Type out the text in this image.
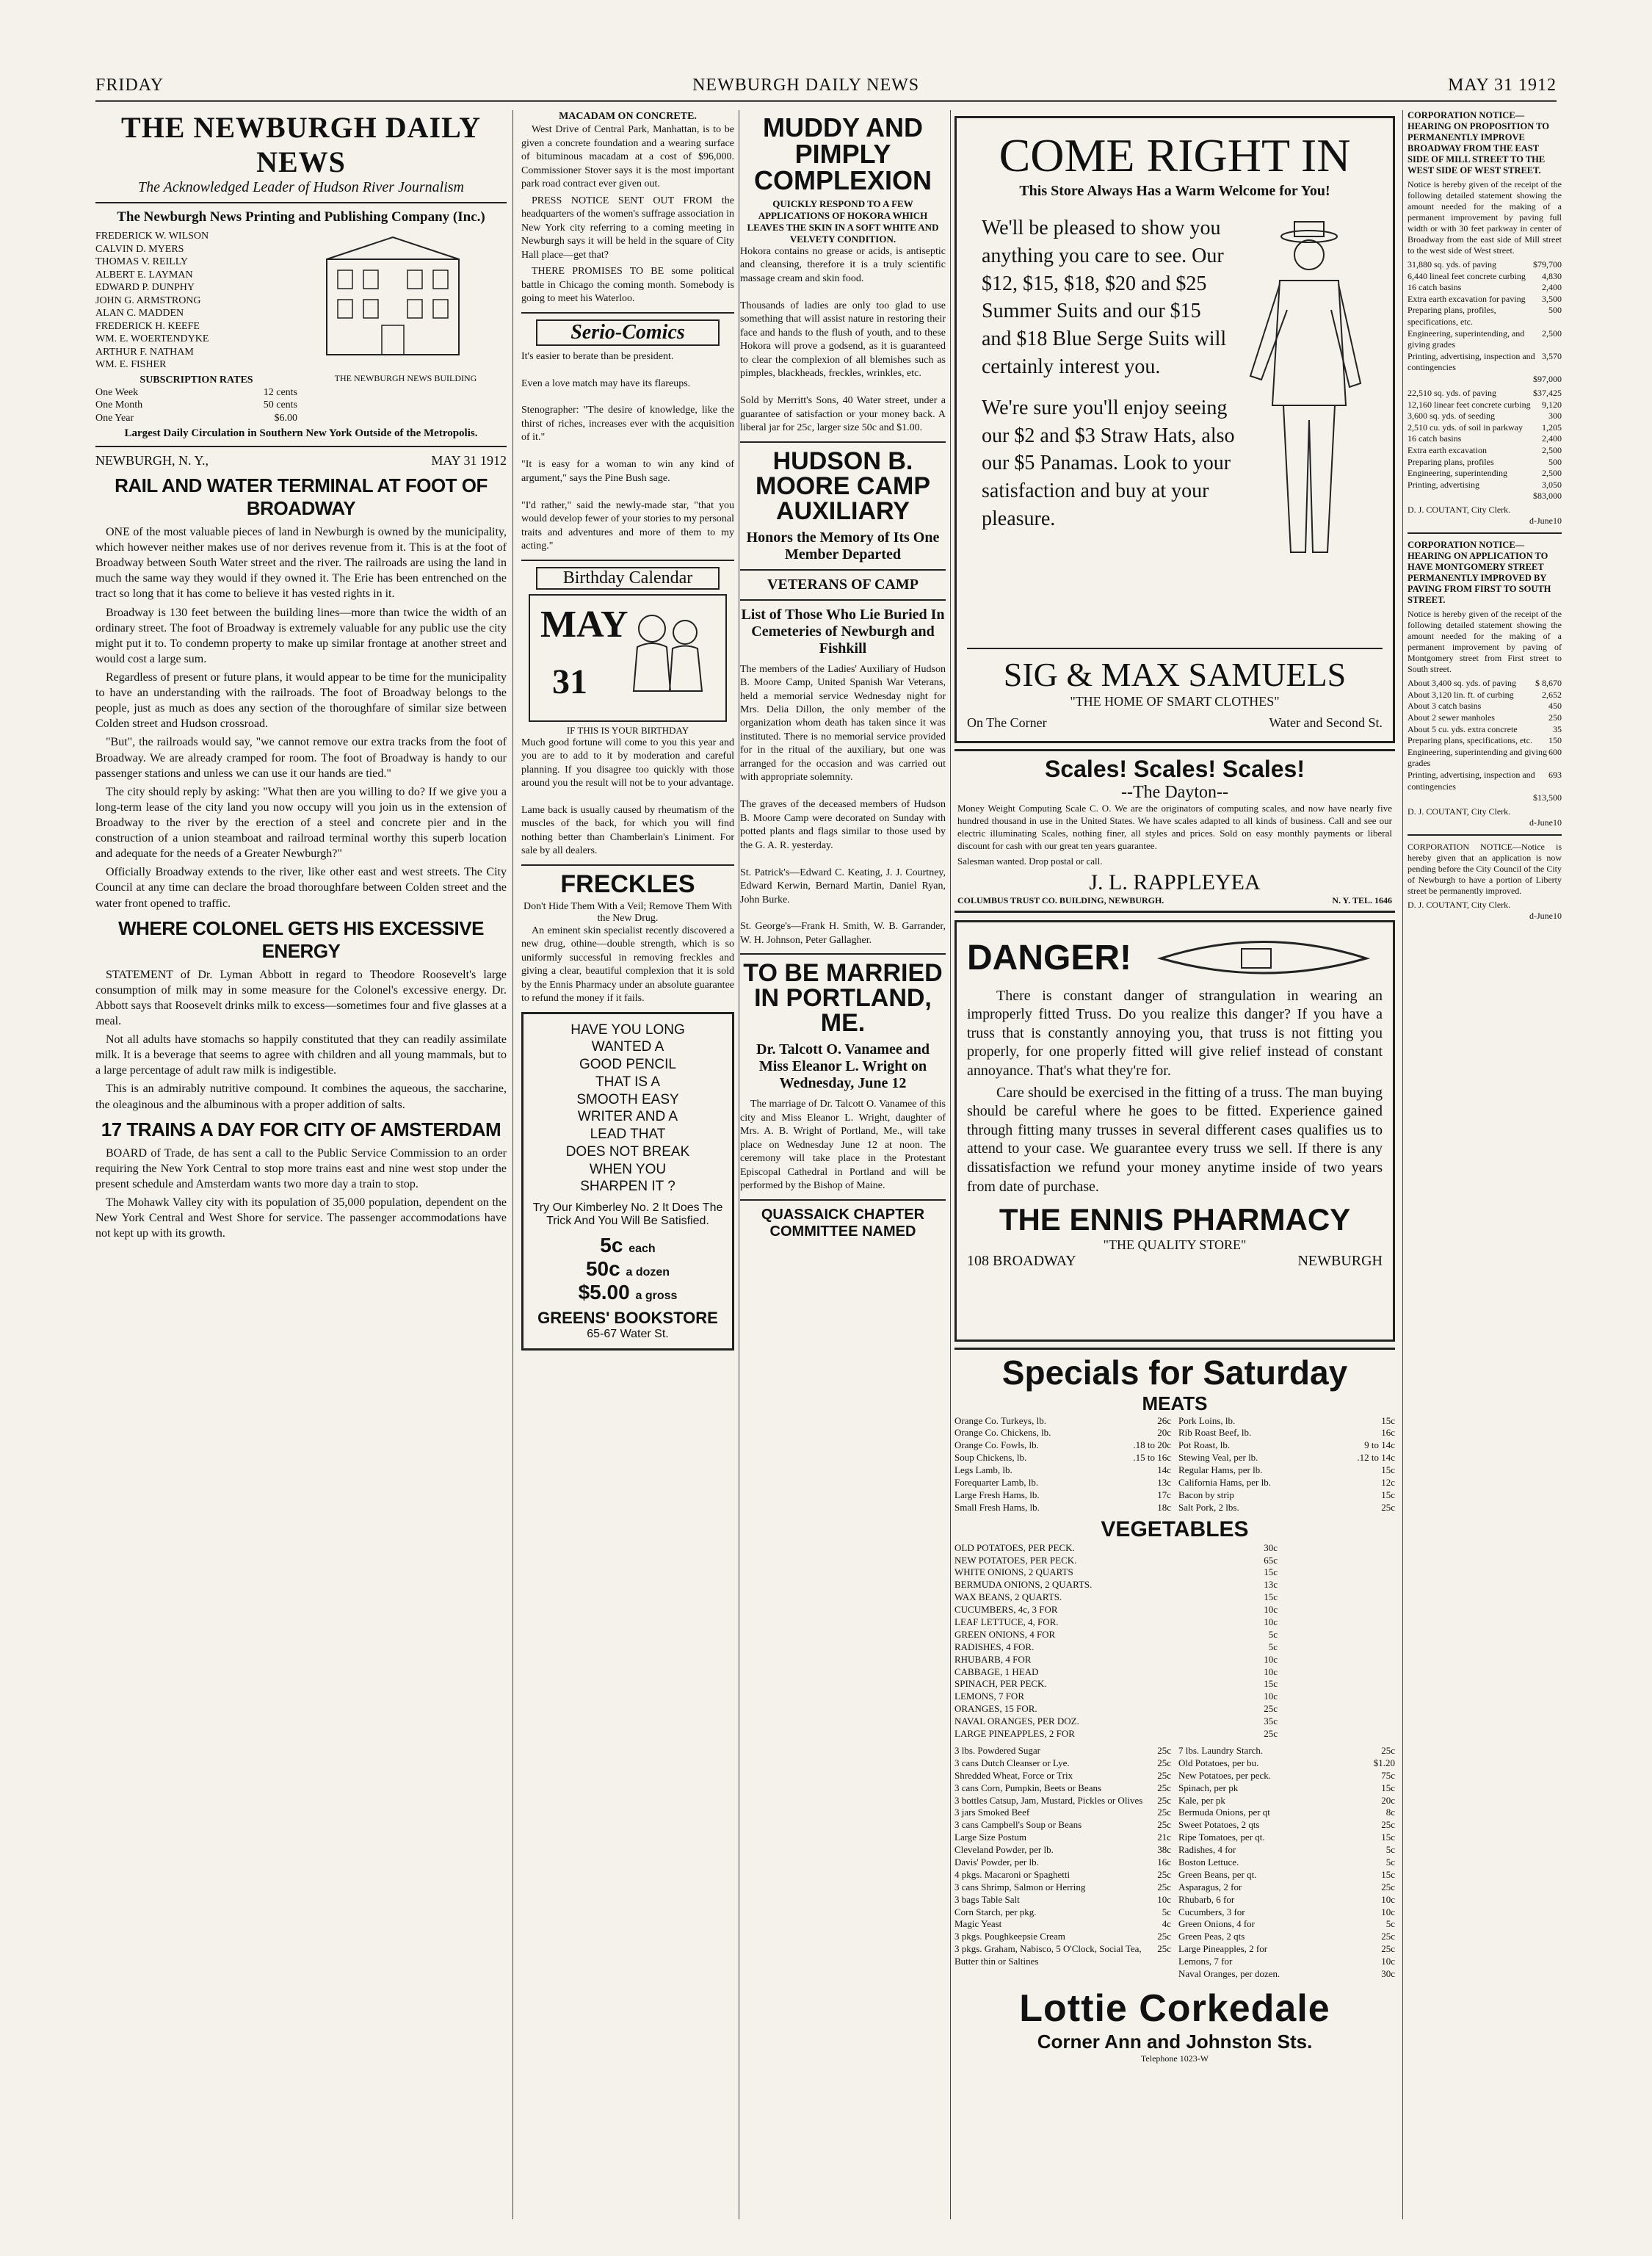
FRIDAY	NEWBURGH DAILY NEWS	MAY 31 1912
THE NEWBURGH DAILY NEWS
The Acknowledged Leader of Hudson River Journalism
The Newburgh News Printing and Publishing Company (Inc.)
FREDERICK W. WILSON
CALVIN D. MYERS
THOMAS V. REILLY
ALBERT E. LAYMAN
EDWARD P. DUNPHY
JOHN G. ARMSTRONG
ALAN C. MADDEN
FREDERICK H. KEEFE
WM. E. WOERTENDYKE
ARTHUR F. NATHAM
WM. E. FISHER
SUBSCRIPTION RATES
One Week	12 cents
One Month	50 cents
One Year	$6.00
THE NEWBURGH NEWS BUILDING
Largest Daily Circulation in Southern New York Outside of the Metropolis.
NEWBURGH, N. Y.,	MAY 31 1912
RAIL AND WATER TERMINAL AT FOOT OF BROADWAY

ONE of the most valuable pieces of land in Newburgh is owned by the municipality, which however neither makes use of nor derives revenue from it. This is at the foot of Broadway between South Water street and the river. The railroads are using the land in much the same way they would if they owned it. The Erie has been entrenched on the tract so long that it has come to believe it has vested rights in it.

Broadway is 130 feet between the building lines—more than twice the width of an ordinary street. The foot of Broadway is extremely valuable for any public use the city might put it to. To condemn property to make up similar frontage at another street and would cost a large sum.

Regardless of present or future plans, it would appear to be time for the municipality to have an understanding with the railroads. The foot of Broadway belongs to the people, just as much as does any section of the thoroughfare of similar size between Colden street and Hudson crossroad.

"But", the railroads would say, "we cannot remove our extra tracks from the foot of Broadway. We are already cramped for room. The foot of Broadway is handy to our passenger stations and unless we can use it our hands are tied."

The city should reply by asking: "What then are you willing to do? If we give you a long-term lease of the city land you now occupy will you join us in the extension of Broadway to the river by the erection of a steel and concrete pier and in the construction of a union steamboat and railroad terminal worthy this superb location and adequate for the needs of a Greater Newburgh?"

Officially Broadway extends to the river, like other east and west streets. The City Council at any time can declare the broad thoroughfare between Colden street and the water front opened to traffic.

WHERE COLONEL GETS HIS EXCESSIVE ENERGY

STATEMENT of Dr. Lyman Abbott in regard to Theodore Roosevelt's large consumption of milk may in some measure for the Colonel's excessive energy. Dr. Abbott says that Roosevelt drinks milk to excess—sometimes four and five glasses at a meal.

Not all adults have stomachs so happily constituted that they can readily assimilate milk. It is a beverage that seems to agree with children and all young mammals, but to a large percentage of adult raw milk is indigestible.

This is an admirably nutritive compound. It combines the aqueous, the saccharine, the oleaginous and the albuminous with a proper addition of salts.

17 TRAINS A DAY FOR CITY OF AMSTERDAM

BOARD of Trade, de has sent a call to the Public Service Commission to an order requiring the New York Central to stop more trains east and nine west stop under the present schedule and Amsterdam wants two more day a train to stop.

The Mohawk Valley city with its population of 35,000 population, dependent on the New York Central and West Shore for service. The passenger accommodations have not kept up with its growth.

MACADAM ON CONCRETE.

West Drive of Central Park, Manhattan, is to be given a concrete foundation and a wearing surface of bituminous macadam at a cost of $96,000. Commissioner Stover says it is the most important park road contract ever given out.

PRESS NOTICE SENT OUT FROM the headquarters of the women's suffrage association in New York city referring to a coming meeting in Newburgh says it will be held in the square of City Hall place—get that?

THERE PROMISES TO BE some political battle in Chicago the coming month. Somebody is going to meet his Waterloo.

Serio-Comics
It's easier to berate than be president.

Even a love match may have its flareups.

Stenographer: "The desire of knowledge, like the thirst of riches, increases ever with the acquisition of it."

"It is easy for a woman to win any kind of argument," says the Pine Bush sage.

"I'd rather," said the newly-made star, "that you would develop fewer of your stories to my personal traits and adventures and more of them to my acting."
Birthday Calendar
MAY
31
IF THIS IS YOUR BIRTHDAY
Much good fortune will come to you this year and you are to add to it by moderation and careful planning. If you disagree too quickly with those around you the result will not be to your advantage.

Lame back is usually caused by rheumatism of the muscles of the back, for which you will find nothing better than Chamberlain's Liniment. For sale by all dealers.
FRECKLES
Don't Hide Them With a Veil; Remove Them With the New Drug.

An eminent skin specialist recently discovered a new drug, othine—double strength, which is so uniformly successful in removing freckles and giving a clear, beautiful complexion that it is sold by the Ennis Pharmacy under an absolute guarantee to refund the money if it fails.

HAVE YOU LONG
WANTED A
GOOD PENCIL
THAT IS A
SMOOTH EASY
WRITER AND A
LEAD THAT
DOES NOT BREAK
WHEN YOU
SHARPEN IT ?
Try Our Kimberley No. 2 It Does The Trick And You Will Be Satisfied.
5c each
50c a dozen
$5.00 a gross
GREENS' BOOKSTORE
65-67 Water St.
MUDDY AND PIMPLY COMPLEXION
QUICKLY RESPOND TO A FEW APPLICATIONS OF HOKORA WHICH LEAVES THE SKIN IN A SOFT WHITE AND VELVETY CONDITION.
Hokora contains no grease or acids, is antiseptic and cleansing, therefore it is a truly scientific massage cream and skin food.

Thousands of ladies are only too glad to use something that will assist nature in restoring their face and hands to the flush of youth, and to these Hokora will prove a godsend, as it is guaranteed to clear the complexion of all blemishes such as pimples, blackheads, freckles, wrinkles, etc.

Sold by Merritt's Sons, 40 Water street, under a guarantee of satisfaction or your money back. A liberal jar for 25c, larger size 50c and $1.00.
HUDSON B. MOORE CAMP AUXILIARY
Honors the Memory of Its One Member Departed
VETERANS OF CAMP
List of Those Who Lie Buried In Cemeteries of Newburgh and Fishkill
The members of the Ladies' Auxiliary of Hudson B. Moore Camp, United Spanish War Veterans, held a memorial service Wednesday night for Mrs. Delia Dillon, the only member of the organization whom death has taken since it was instituted. There is no memorial service provided for in the ritual of the auxiliary, but one was arranged for the occasion and was carried out with appropriate solemnity.

The graves of the deceased members of Hudson B. Moore Camp were decorated on Sunday with potted plants and flags similar to those used by the G. A. R. yesterday.

St. Patrick's—Edward C. Keating, J. J. Courtney, Edward Kerwin, Bernard Martin, Daniel Ryan, John Burke.

St. George's—Frank H. Smith, W. B. Garrander, W. H. Johnson, Peter Gallagher.
TO BE MARRIED IN PORTLAND, ME.
Dr. Talcott O. Vanamee and Miss Eleanor L. Wright on Wednesday, June 12

The marriage of Dr. Talcott O. Vanamee of this city and Miss Eleanor L. Wright, daughter of Mrs. A. B. Wright of Portland, Me., will take place on Wednesday June 12 at noon. The ceremony will take place in the Protestant Episcopal Cathedral in Portland and will be performed by the Bishop of Maine.

QUASSAICK CHAPTER COMMITTEE NAMED
COME RIGHT IN
This Store Always Has a Warm Welcome for You!

We'll be pleased to show you anything you care to see. Our $12, $15, $18, $20 and $25 Summer Suits and our $15 and $18 Blue Serge Suits will certainly interest you.

We're sure you'll enjoy seeing our $2 and $3 Straw Hats, also our $5 Panamas. Look to your satisfaction and buy at your pleasure.

SIG & MAX SAMUELS
"THE HOME OF SMART CLOTHES"
On The Corner	Water and Second St.
Scales! Scales! Scales!
--The Dayton--
Money Weight Computing Scale C. O. We are the originators of computing scales, and now have nearly five hundred thousand in use in the United States. We have scales adapted to all kinds of business. Call and see our electric illuminating Scales, nothing finer, all styles and prices. Sold on easy monthly payments or liberal discount for cash with our great ten years guarantee.
Salesman wanted. Drop postal or call.
J. L. RAPPLEYEA
COLUMBUS TRUST CO. BUILDING, NEWBURGH.	N. Y. TEL. 1646
DANGER!

There is constant danger of strangulation in wearing an improperly fitted Truss. Do you realize this danger? If you have a truss that is constantly annoying you, that truss is not fitting you properly, for one properly fitted will give relief instead of constant annoyance. That's what they're for.

Care should be exercised in the fitting of a truss. The man buying should be careful where he goes to be fitted. Experience gained through fitting many trusses in several different cases qualifies us to attend to your case. We guarantee every truss we sell. If there is any dissatisfaction we refund your money anytime inside of two years from date of purchase.

THE ENNIS PHARMACY
"THE QUALITY STORE"
108 BROADWAY	NEWBURGH
Specials for Saturday
MEATS
Orange Co. Turkeys, lb.	26c
Orange Co. Chickens, lb.	20c
Orange Co. Fowls, lb.	.18 to 20c
Soup Chickens, lb.	.15 to 16c
Legs Lamb, lb.	14c
Forequarter Lamb, lb.	13c
Large Fresh Hams, lb.	17c
Small Fresh Hams, lb.	18c
Pork Loins, lb.	15c
Rib Roast Beef, lb.	16c
Pot Roast, lb.	9 to 14c
Stewing Veal, per lb.	.12 to 14c
Regular Hams, per lb.	15c
California Hams, per lb.	12c
Bacon by strip	15c
Salt Pork, 2 lbs.	25c
VEGETABLES
OLD POTATOES, PER PECK.	30c
NEW POTATOES, PER PECK.	65c
WHITE ONIONS, 2 QUARTS	15c
BERMUDA ONIONS, 2 QUARTS.	13c
WAX BEANS, 2 QUARTS.	15c
CUCUMBERS, 4c, 3 FOR	10c
LEAF LETTUCE, 4, FOR.	10c
GREEN ONIONS, 4 FOR	5c
RADISHES, 4 FOR.	5c
RHUBARB, 4 FOR	10c
CABBAGE, 1 HEAD	10c
SPINACH, PER PECK.	15c
LEMONS, 7 FOR	10c
ORANGES, 15 FOR.	25c
NAVAL ORANGES, PER DOZ.	35c
LARGE PINEAPPLES, 2 FOR	25c
3 lbs. Powdered Sugar	25c
3 cans Dutch Cleanser or Lye.	25c
Shredded Wheat, Force or Trix	25c
3 cans Corn, Pumpkin, Beets or Beans	25c
3 bottles Catsup, Jam, Mustard, Pickles or Olives 25c
3 jars Smoked Beef	25c
3 cans Campbell's Soup or Beans	25c
Large Size Postum	21c
Cleveland Powder, per lb.	38c
Davis' Powder, per lb.	16c
4 pkgs. Macaroni or Spaghetti	25c
3 cans Shrimp, Salmon or Herring	25c
3 bags Table Salt	10c
Corn Starch, per pkg.	5c
Magic Yeast	4c
3 pkgs. Poughkeepsie Cream	25c
3 pkgs. Graham, Nabisco, 5 O'Clock, Social Tea, Butter thin or Saltines
25c
7 lbs. Laundry Starch.	25c
Old Potatoes, per bu.	$1.20
New Potatoes, per peck.	75c
Spinach, per pk	15c
Kale, per pk	20c
Bermuda Onions, per qt	8c
Sweet Potatoes, 2 qts	25c
Ripe Tomatoes, per qt.	15c
Radishes, 4 for	5c
Boston Lettuce.	5c
Green Beans, per qt.	15c
Asparagus, 2 for	25c
Rhubarb, 6 for	10c
Cucumbers, 3 for	10c
Green Onions, 4 for	5c
Green Peas, 2 qts	25c
Large Pineapples, 2 for	25c
Lemons, 7 for	10c
Naval Oranges, per dozen.	30c
Lottie Corkedale
Corner Ann and Johnston Sts.
Telephone 1023-W
CORPORATION NOTICE—HEARING ON PROPOSITION TO PERMANENTLY IMPROVE BROADWAY FROM THE EAST SIDE OF MILL STREET TO THE WEST SIDE OF WEST STREET.
Notice is hereby given of the receipt of the following detailed statement showing the amount needed for the making of a permanent improvement by paving full width or with 30 feet parkway in center of Broadway from the east side of Mill street to the west side of West street.
31,880 sq. yds. of paving	$79,700
6,440 lineal feet concrete curbing 4,830
16 catch basins	2,400
Extra earth excavation for paving 3,500
Preparing plans, profiles, specifications, etc.
500
Engineering, superintending, and giving grades
2,500
Printing, advertising, inspection and contingencies
3,570
$97,000
22,510 sq. yds. of paving	$37,425
12,160 linear feet concrete curbing 9,120
3,600 sq. yds. of seeding	300
2,510 cu. yds. of soil in parkway 1,205
16 catch basins	2,400
Extra earth excavation	2,500
Preparing plans, profiles	500
Engineering, superintending	2,500
Printing, advertising	3,050
$83,000
D. J. COUTANT, City Clerk.
d-June10
CORPORATION NOTICE—HEARING ON APPLICATION TO HAVE MONTGOMERY STREET PERMANENTLY IMPROVED BY PAVING FROM FIRST TO SOUTH STREET.
Notice is hereby given of the receipt of the following detailed statement showing the amount needed for the making of a permanent improvement by paving of Montgomery street from First street to South street.
About 3,400 sq. yds. of paving $ 8,670
About 3,120 lin. ft. of curbing	2,652
About 3 catch basins	450
About 2 sewer manholes	250
About 5 cu. yds. extra concrete	35
Preparing plans, specifications, etc. 150
Engineering, superintending and giving grades
600
Printing, advertising, inspection and contingencies
693
$13,500
D. J. COUTANT, City Clerk.
d-June10
CORPORATION NOTICE—Notice is hereby given that an application is now pending before the City Council of the City of Newburgh to have a portion of Liberty street be permanently improved.
D. J. COUTANT, City Clerk.
d-June10
